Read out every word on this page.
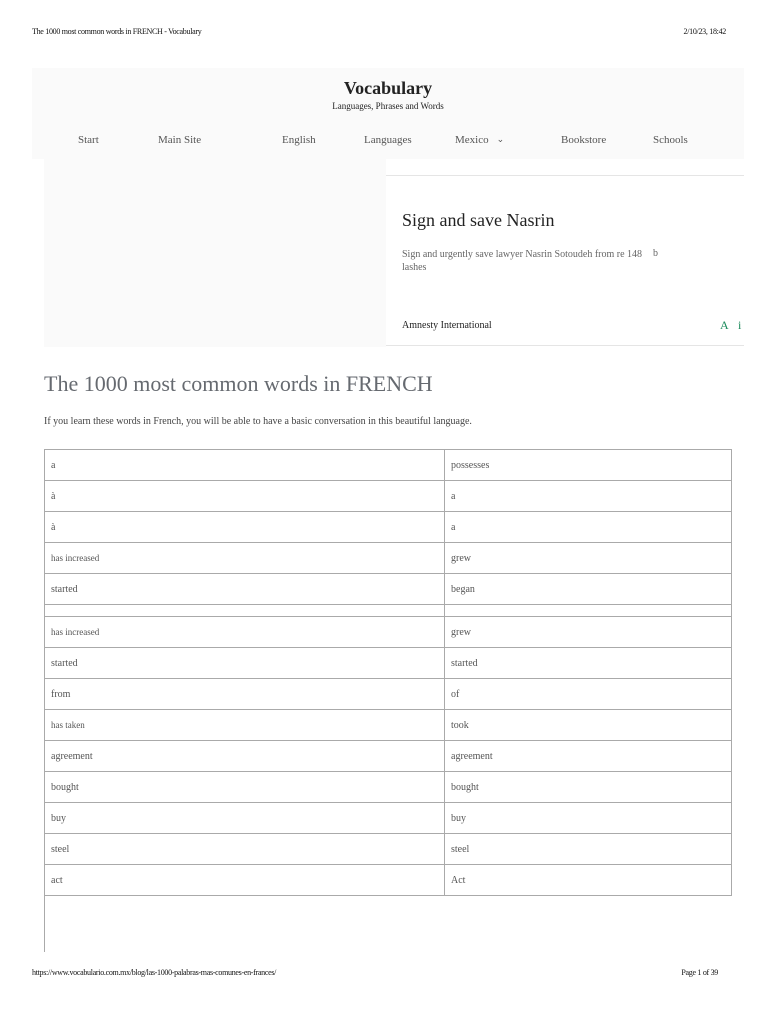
The 1000 most common words in FRENCH - Vocabulary	2/10/23, 18:42
Vocabulary
Languages, Phrases and Words
Start	Main Site	English	Languages	Mexico ⌄	Bookstore	Schools
Sign and save Nasrin
Sign and urgently save lawyer Nasrin Sotoudeh from re 148 lashes
b
Amnesty International	A i
The 1000 most common words in FRENCH

If you learn these words in French, you will be able to have a basic conversation in this beautiful language.

a	possesses
à	a
à	a
has increased	grew
started	began

has increased	grew
started	started
from	of
has taken	took
agreement	agreement
bought	bought
buy	buy
steel	steel
act	Act
https://www.vocabulario.com.mx/blog/las-1000-palabras-mas-comunes-en-frances/	Page 1 of 39
